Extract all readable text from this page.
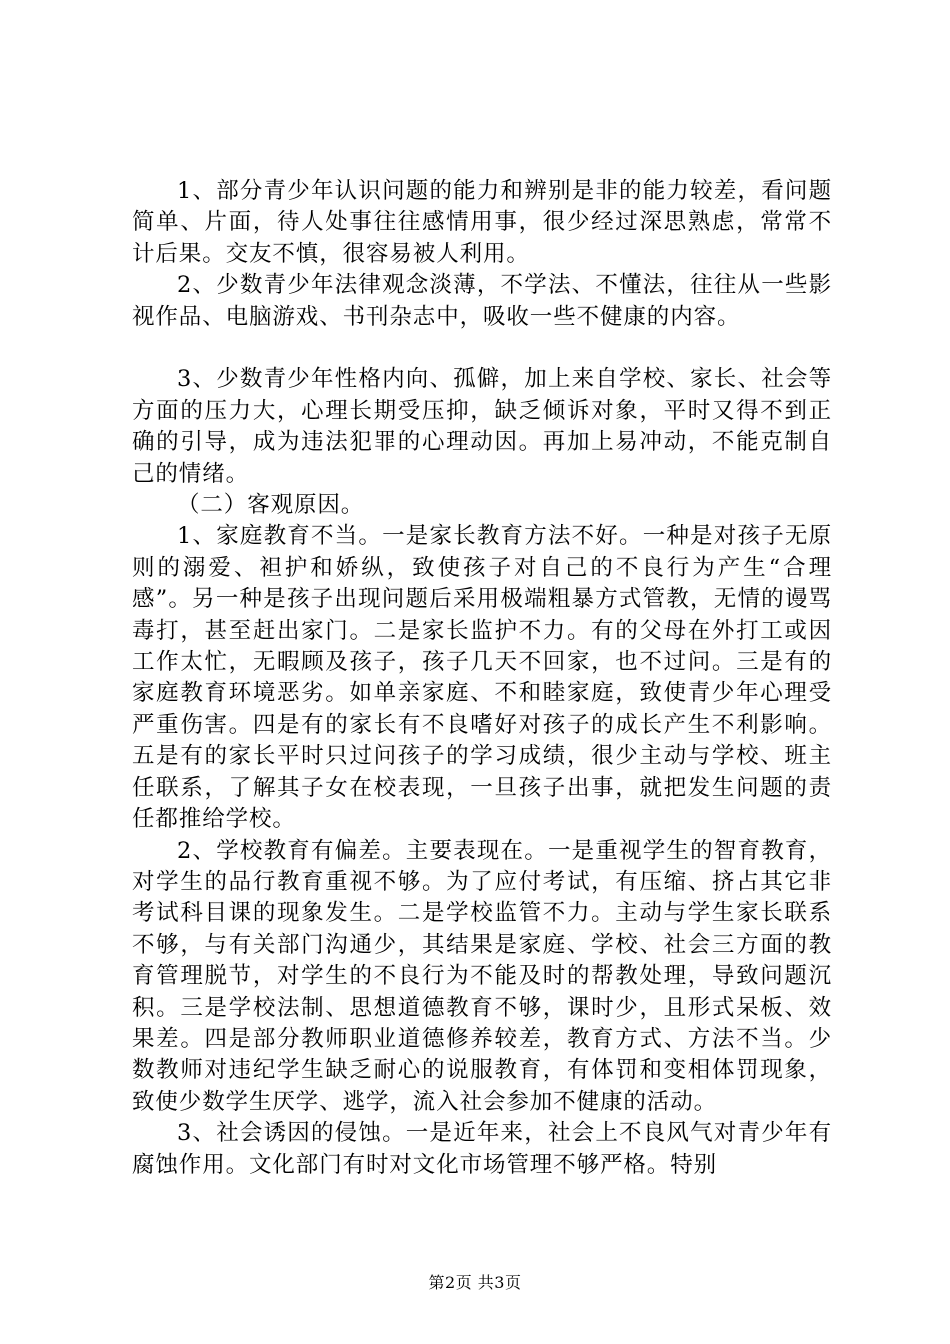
1、部分青少年认识问题的能力和辨别是非的能力较差，看问题简单、片面，待人处事往往感情用事，很少经过深思熟虑，常常不计后果。交友不慎，很容易被人利用。

2、少数青少年法律观念淡薄，不学法、不懂法，往往从一些影视作品、电脑游戏、书刊杂志中，吸收一些不健康的内容。

3、少数青少年性格内向、孤僻，加上来自学校、家长、社会等方面的压力大，心理长期受压抑，缺乏倾诉对象，平时又得不到正确的引导，成为违法犯罪的心理动因。再加上易冲动，不能克制自己的情绪。

（二）客观原因。

1、家庭教育不当。一是家长教育方法不好。一种是对孩子无原则的溺爱、袒护和娇纵，致使孩子对自己的不良行为产生“合理感”。另一种是孩子出现问题后采用极端粗暴方式管教，无情的谩骂毒打，甚至赶出家门。二是家长监护不力。有的父母在外打工或因工作太忙，无暇顾及孩子，孩子几天不回家，也不过问。三是有的家庭教育环境恶劣。如单亲家庭、不和睦家庭，致使青少年心理受严重伤害。四是有的家长有不良嗜好对孩子的成长产生不利影响。五是有的家长平时只过问孩子的学习成绩，很少主动与学校、班主任联系，了解其子女在校表现，一旦孩子出事，就把发生问题的责任都推给学校。

2、学校教育有偏差。主要表现在。一是重视学生的智育教育，对学生的品行教育重视不够。为了应付考试，有压缩、挤占其它非考试科目课的现象发生。二是学校监管不力。主动与学生家长联系不够，与有关部门沟通少，其结果是家庭、学校、社会三方面的教育管理脱节，对学生的不良行为不能及时的帮教处理，导致问题沉积。三是学校法制、思想道德教育不够，课时少，且形式呆板、效果差。四是部分教师职业道德修养较差，教育方式、方法不当。少数教师对违纪学生缺乏耐心的说服教育，有体罚和变相体罚现象，致使少数学生厌学、逃学，流入社会参加不健康的活动。

3、社会诱因的侵蚀。一是近年来，社会上不良风气对青少年有腐蚀作用。文化部门有时对文化市场管理不够严格。特别

第2页 共3页
